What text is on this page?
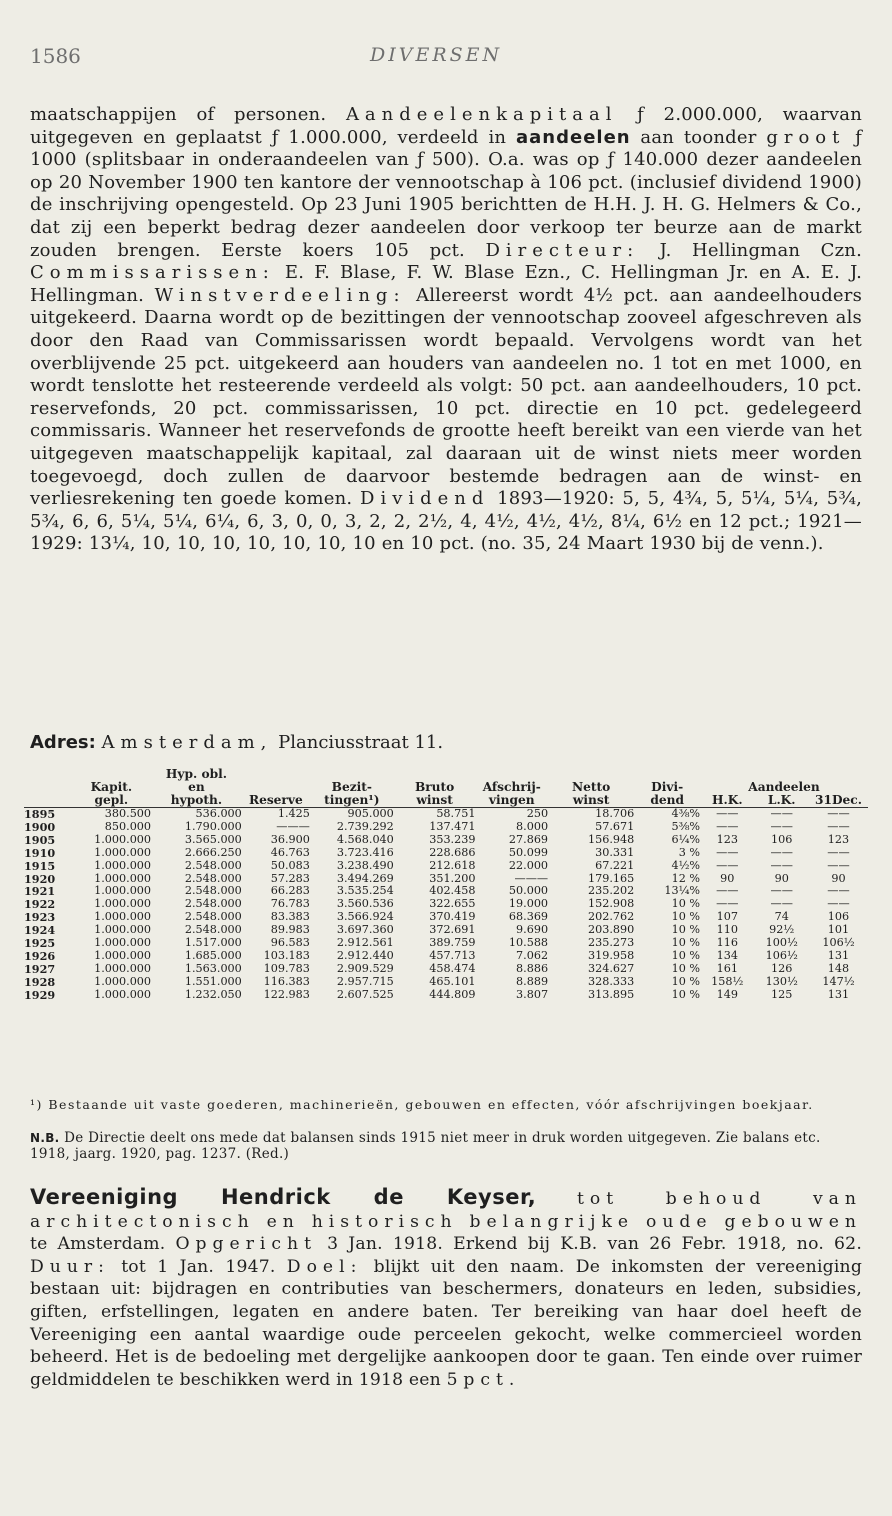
1586	DIVERSEN
maatschappijen of personen. Aandeelenkapitaal ƒ 2.000.000, waarvan uitgegeven en geplaatst ƒ 1.000.000, verdeeld in aandeelen aan toonder groot ƒ 1000 (splitsbaar in onderaandeelen van ƒ 500). O.a. was op ƒ 140.000 dezer aandeelen op 20 November 1900 ten kantore der vennootschap à 106 pct. (inclusief dividend 1900) de inschrijving opengesteld. Op 23 Juni 1905 berichtten de H.H. J. H. G. Helmers & Co., dat zij een beperkt bedrag dezer aandeelen door verkoop ter beurze aan de markt zouden brengen. Eerste koers 105 pct. Directeur: J. Hellingman Czn. Commissarissen: E. F. Blase, F. W. Blase Ezn., C. Hellingman Jr. en A. E. J. Hellingman. Winstverdeeling: Allereerst wordt 4½ pct. aan aandeelhouders uitgekeerd. Daarna wordt op de bezittingen der vennootschap zooveel afgeschreven als door den Raad van Commissarissen wordt bepaald. Vervolgens wordt van het overblijvende 25 pct. uitgekeerd aan houders van aandeelen no. 1 tot en met 1000, en wordt tenslotte het resteerende verdeeld als volgt: 50 pct. aan aandeelhouders, 10 pct. reservefonds, 20 pct. commissarissen, 10 pct. directie en 10 pct. gedelegeerd commissaris. Wanneer het reservefonds de grootte heeft bereikt van een vierde van het uitgegeven maatschappelijk kapitaal, zal daaraan uit de winst niets meer worden toegevoegd, doch zullen de daarvoor bestemde bedragen aan de winst- en verliesrekening ten goede komen. Dividend 1893—1920: 5, 5, 4¾, 5, 5¼, 5¼, 5¾, 5¾, 6, 6, 5¼, 5¼, 6¼, 6, 3, 0, 0, 3, 2, 2, 2½, 4, 4½, 4½, 4½, 8¼, 6½ en 12 pct.; 1921—1929: 13¼, 10, 10, 10, 10, 10, 10, 10 en 10 pct. (no. 35, 24 Maart 1930 bij de venn.).
Adres: Amsterdam, Planciusstraat 11.
		Hyp. obl.									
	Kapit.	en		Bezit-	Bruto	Afschrij-	Netto	Divi-	Aandeelen		
	gepl.	hypoth.	Reserve	tingen¹)	winst	vingen	winst	dend	H.K.	L.K.	31Dec.
1895	380.500	536.000	1.425	905.000	58.751	250	18.706	4⅜%	——	——	——
1900	850.000	1.790.000	———	2.739.292	137.471	8.000	57.671	5⅜%	——	——	——
1905	1.000.000	3.565.000	36.900	4.568.040	353.239	27.869	156.948	6¼%	123	106	123
1910	1.000.000	2.666.250	46.763	3.723.416	228.686	50.099	30.331	3 %	——	——	——
1915	1.000.000	2.548.000	50.083	3.238.490	212.618	22.000	67.221	4½%	——	——	——
1920	1.000.000	2.548.000	57.283	3.494.269	351.200	———	179.165	12 %	90	90	90
1921	1.000.000	2.548.000	66.283	3.535.254	402.458	50.000	235.202	13¼%	——	——	——
1922	1.000.000	2.548.000	76.783	3.560.536	322.655	19.000	152.908	10 %	——	——	——
1923	1.000.000	2.548.000	83.383	3.566.924	370.419	68.369	202.762	10 %	107	74	106
1924	1.000.000	2.548.000	89.983	3.697.360	372.691	9.690	203.890	10 %	110	92½	101
1925	1.000.000	1.517.000	96.583	2.912.561	389.759	10.588	235.273	10 %	116	100½	106½
1926	1.000.000	1.685.000	103.183	2.912.440	457.713	7.062	319.958	10 %	134	106½	131
1927	1.000.000	1.563.000	109.783	2.909.529	458.474	8.886	324.627	10 %	161	126	148
1928	1.000.000	1.551.000	116.383	2.957.715	465.101	8.889	328.333	10 %	158½	130½	147½
1929	1.000.000	1.232.050	122.983	2.607.525	444.809	3.807	313.895	10 %	149	125	131
¹) Bestaande uit vaste goederen, machinerieën, gebouwen en effecten, vóór afschrijvingen boekjaar.
N.B. De Directie deelt ons mede dat balansen sinds 1915 niet meer in druk worden uitgegeven. Zie balans etc. 1918, jaarg. 1920, pag. 1237. (Red.)
Vereeniging Hendrick de Keyser, tot behoud van architectonisch en historisch belangrijke oude gebouwen te Amsterdam. Opgericht 3 Jan. 1918. Erkend bij K.B. van 26 Febr. 1918, no. 62. Duur: tot 1 Jan. 1947. Doel: blijkt uit den naam. De inkomsten der vereeniging bestaan uit: bijdragen en contributies van beschermers, donateurs en leden, subsidies, giften, erfstellingen, legaten en andere baten. Ter bereiking van haar doel heeft de Vereeniging een aantal waardige oude perceelen gekocht, welke commercieel worden beheerd. Het is de bedoeling met dergelijke aankoopen door te gaan. Ten einde over ruimer geldmiddelen te beschikken werd in 1918 een 5 pct.
